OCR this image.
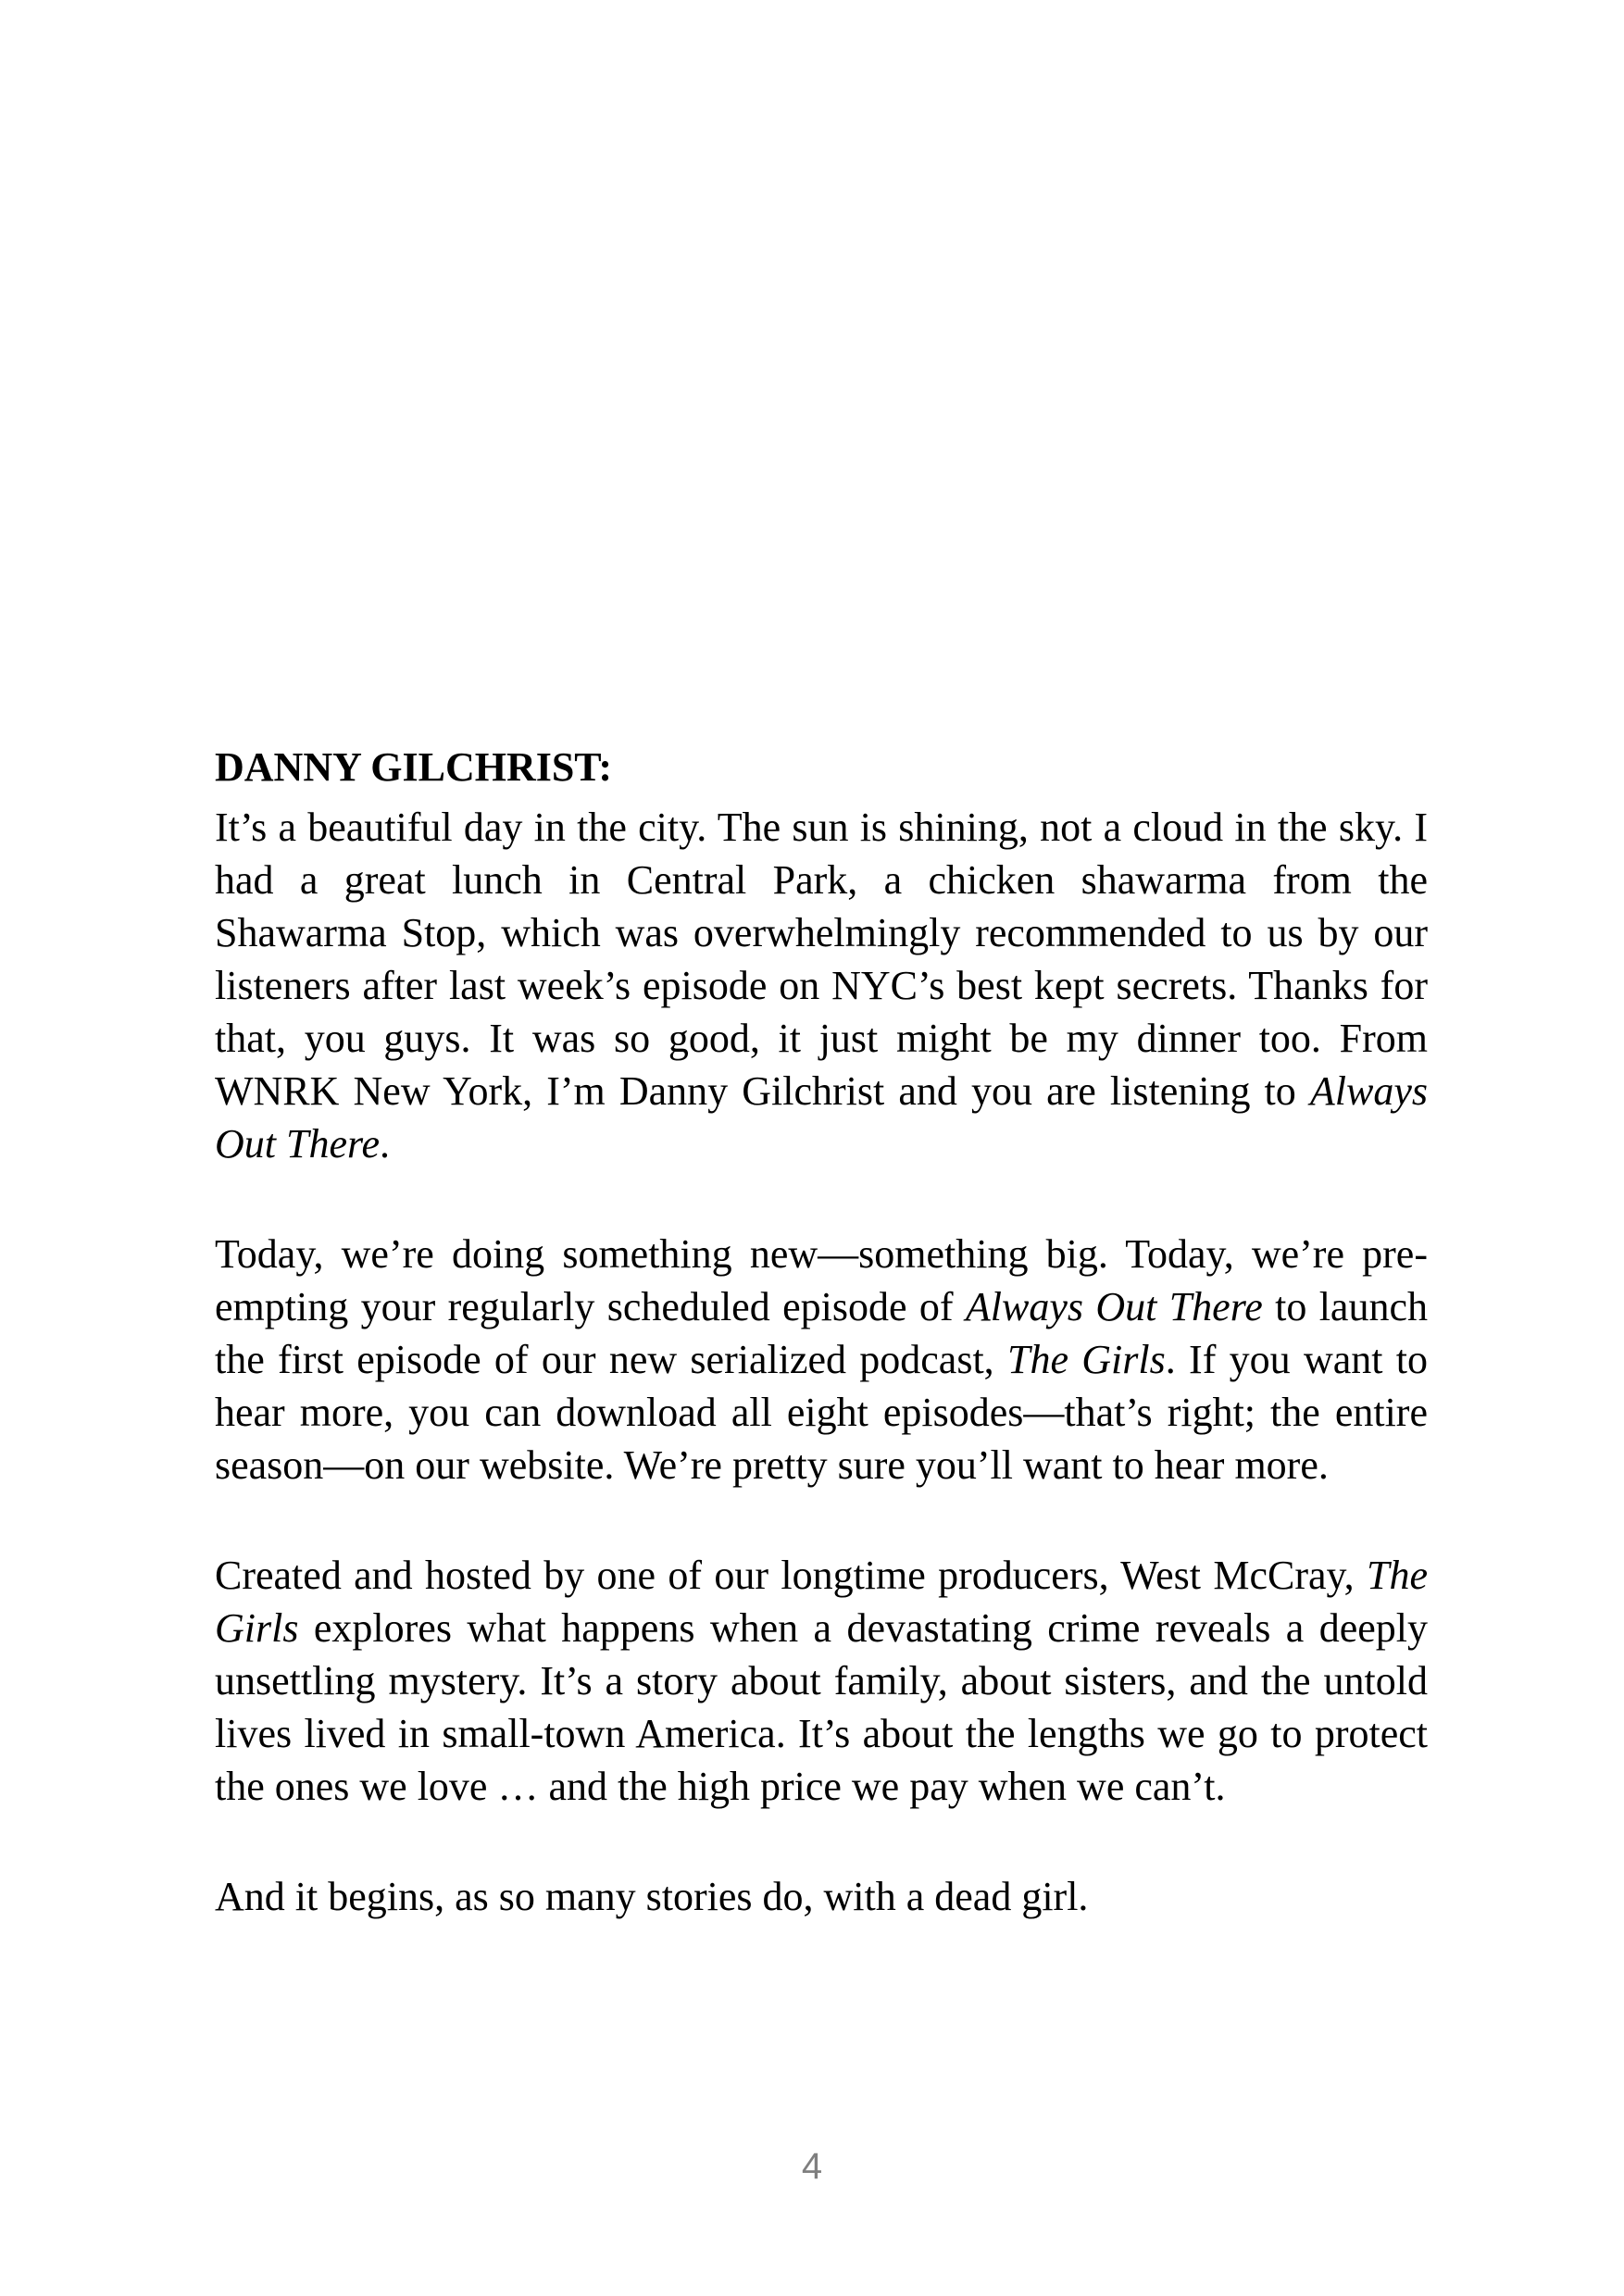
DANNY GILCHRIST:

It’s a beautiful day in the city. The sun is shining, not a cloud in the sky. I had a great lunch in Central Park, a chicken shawarma from the Shawarma Stop, which was overwhelmingly recommended to us by our listeners after last week’s episode on NYC’s best kept secrets. Thanks for that, you guys. It was so good, it just might be my dinner too. From WNRK New York, I’m Danny Gilchrist and you are listening to Always Out There.

Today, we’re doing something new—something big. Today, we’re pre-empting your regularly scheduled episode of Always Out There to launch the first episode of our new serialized podcast, The Girls. If you want to hear more, you can download all eight episodes—that’s right; the entire season—on our website. We’re pretty sure you’ll want to hear more.

Created and hosted by one of our longtime producers, West McCray, The Girls explores what happens when a devastating crime reveals a deeply unsettling mystery. It’s a story about family, about sisters, and the untold lives lived in small-town America. It’s about the lengths we go to protect the ones we love … and the high price we pay when we can’t.

And it begins, as so many stories do, with a dead girl.

4
